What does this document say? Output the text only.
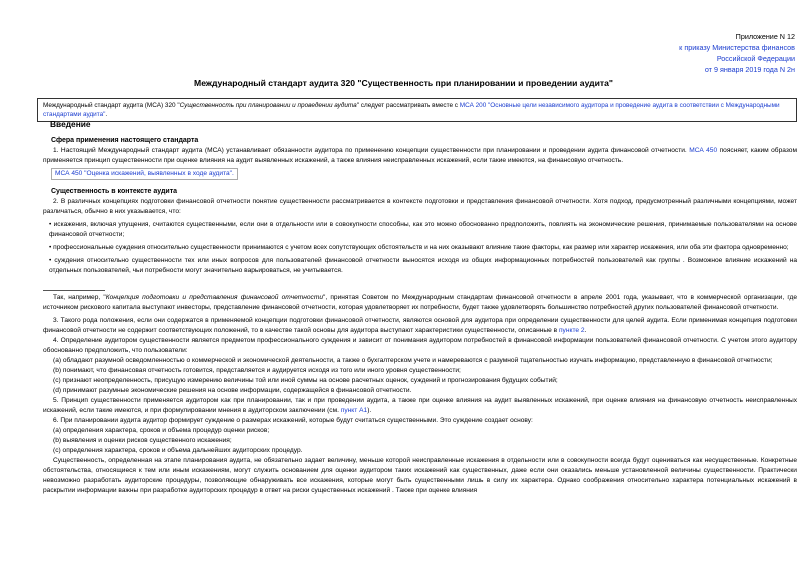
Приложение N 12
к приказу Министерства финансов
Российской Федерации
от 9 января 2019 года N 2н
Международный стандарт аудита 320 "Существенность при планировании и проведении аудита"
Международный стандарт аудита (МСА) 320 "Существенность при планировании и проведении аудита" следует рассматривать вместе с МСА 200 "Основные цели независимого аудитора и проведение аудита в соответствии с Международными стандартами аудита".
Введение

Сфера применения настоящего стандарта

1. Настоящий Международный стандарт аудита (МСА) устанавливает обязанности аудитора по применению концепции существенности при планировании и проведении аудита финансовой отчетности. МСА 450 поясняет, каким образом применяется принцип существенности при оценке влияния на аудит выявленных искажений, а также влияния неисправленных искажений, если такие имеются, на финансовую отчетность.

МСА 450 "Оценка искажений, выявленных в ходе аудита".

Существенность в контексте аудита

2. В различных концепциях подготовки финансовой отчетности понятие существенности рассматривается в контексте подготовки и представления финансовой отчетности. Хотя подход, предусмотренный различными концепциями, может различаться, обычно в них указывается, что:

• искажения, включая упущения, считаются существенными, если они в отдельности или в совокупности способны, как это можно обоснованно предположить, повлиять на экономические решения, принимаемые пользователями на основе финансовой отчетности;

• профессиональные суждения относительно существенности принимаются с учетом всех сопутствующих обстоятельств и на них оказывают влияние такие факторы, как размер или характер искажения, или оба эти фактора одновременно;

• суждения относительно существенности тех или иных вопросов для пользователей финансовой отчетности выносятся исходя из общих информационных потребностей пользователей как группы . Возможное влияние искажений на отдельных пользователей, чьи потребности могут значительно варьироваться, не учитывается.

Так, например, "Концепция подготовки и представления финансовой отчетности", принятая Советом по Международным стандартам финансовой отчетности в апреле 2001 года, указывает, что в коммерческой организации, где источником рискового капитала выступают инвесторы, представление финансовой отчетности, которая удовлетворяет их потребности, будет также удовлетворять большинство потребностей других пользователей финансовой отчетности.

3. Такого рода положения, если они содержатся в применяемой концепции подготовки финансовой отчетности, являются основой для аудитора при определении существенности для целей аудита. Если применимая концепция подготовки финансовой отчетности не содержит соответствующих положений, то в качестве такой основы для аудитора выступают характеристики существенности, описанные в пункте 2.

4. Определение аудитором существенности является предметом профессионального суждения и зависит от понимания аудитором потребностей в финансовой информации пользователей финансовой отчетности. С учетом этого аудитору обоснованно предположить, что пользователи:

(a) обладают разумной осведомленностью о коммерческой и экономической деятельности, а также о бухгалтерском учете и намереваются с разумной тщательностью изучать информацию, представленную в финансовой отчетности;

(b) понимают, что финансовая отчетность готовится, представляется и аудируется исходя из того или иного уровня существенности;

(c) признают неопределенность, присущую измерению величины той или иной суммы на основе расчетных оценок, суждений и прогнозирования будущих событий;

(d) принимают разумные экономические решения на основе информации, содержащейся в финансовой отчетности.

5. Принцип существенности применяется аудитором как при планировании, так и при проведении аудита, а также при оценке влияния на аудит выявленных искажений, при оценке влияния на финансовую отчетность неисправленных искажений, если такие имеются, и при формулировании мнения в аудиторском заключении (см. пункт A1).

6. При планировании аудита аудитор формирует суждение о размерах искажений, которые будут считаться существенными. Это суждение создает основу:

(a) определения характера, сроков и объема процедур оценки рисков;

(b) выявления и оценки рисков существенного искажения;

(c) определения характера, сроков и объема дальнейших аудиторских процедур.

Существенность, определенная на этапе планирования аудита, не обязательно задает величину, меньше которой неисправленные искажения в отдельности или в совокупности всегда будут оцениваться как несущественные. Конкретные обстоятельства, относящиеся к тем или иным искажениям, могут служить основанием для оценки аудитором таких искажений как существенных, даже если они оказались меньше установленной величины существенности. Практически невозможно разработать аудиторские процедуры, позволяющие обнаруживать все искажения, которые могут быть существенными лишь в силу их характера. Однако соображения относительно характера потенциальных искажений в раскрытии информации важны при разработке аудиторских процедур в ответ на риски существенных искажений . Также при оценке влияния
